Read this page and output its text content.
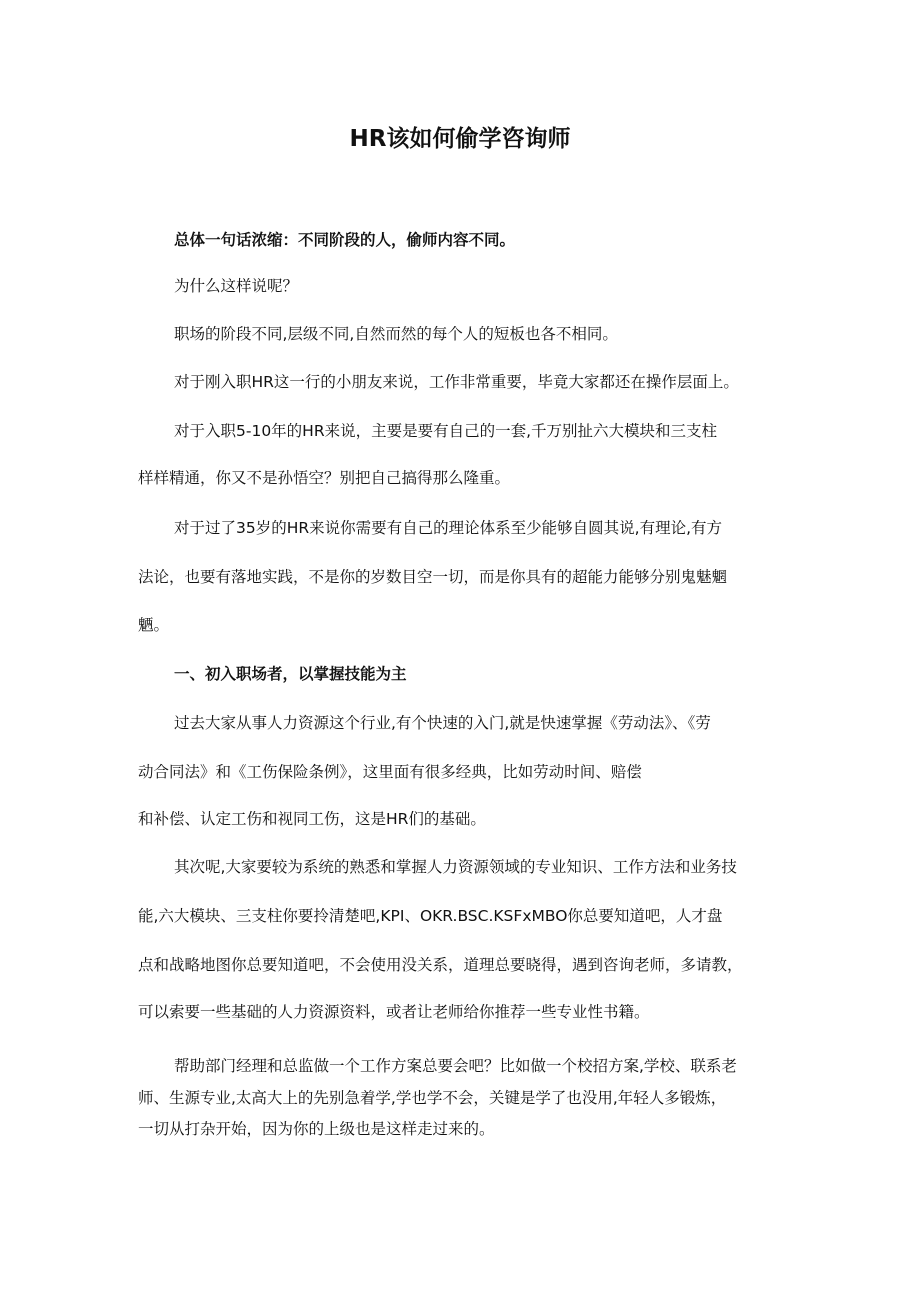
HR该如何偷学咨询师
总体一句话浓缩：不同阶段的人，偷师内容不同。
为什么这样说呢？
职场的阶段不同,层级不同,自然而然的每个人的短板也各不相同。
对于刚入职HR这一行的小朋友来说，工作非常重要，毕竟大家都还在操作层面上。
对于入职5-10年的HR来说，主要是要有自己的一套,千万别扯六大模块和三支柱
样样精通，你又不是孙悟空？别把自己搞得那么隆重。
对于过了35岁的HR来说你需要有自己的理论体系至少能够自圆其说,有理论,有方
法论，也要有落地实践，不是你的岁数目空一切，而是你具有的超能力能够分别鬼魅魍
魉。
一、初入职场者，以掌握技能为主
过去大家从事人力资源这个行业,有个快速的入门,就是快速掌握《劳动法》、《劳
动合同法》和《工伤保险条例》，这里面有很多经典，比如劳动时间、赔偿
和补偿、认定工伤和视同工伤，这是HR们的基础。
其次呢,大家要较为系统的熟悉和掌握人力资源领域的专业知识、工作方法和业务技
能,六大模块、三支柱你要拎清楚吧,KPI、OKR.BSC.KSFxMBO你总要知道吧，人才盘
点和战略地图你总要知道吧，不会使用没关系，道理总要晓得，遇到咨询老师，多请教，
可以索要一些基础的人力资源资料，或者让老师给你推荐一些专业性书籍。
帮助部门经理和总监做一个工作方案总要会吧？比如做一个校招方案,学校、联系老
师、生源专业,太高大上的先别急着学,学也学不会，关键是学了也没用,年轻人多锻炼，
一切从打杂开始，因为你的上级也是这样走过来的。
